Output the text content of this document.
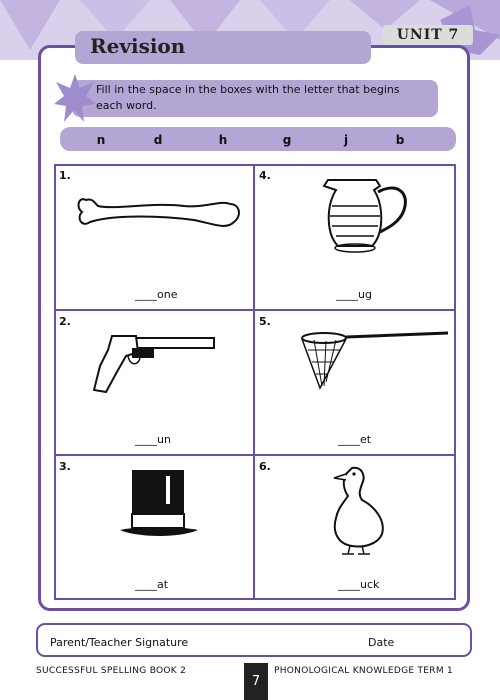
UNIT 7
Revision
Fill in the space in the boxes with the letter that begins each word.
n	d	h	g	j	b
1.
____one
4.
____ug
2.
____un
5.
____et
3.
____at
6.
____uck
Parent/Teacher Signature	Date
SUCCESSFUL SPELLING BOOK 2
7
PHONOLOGICAL KNOWLEDGE TERM 1
